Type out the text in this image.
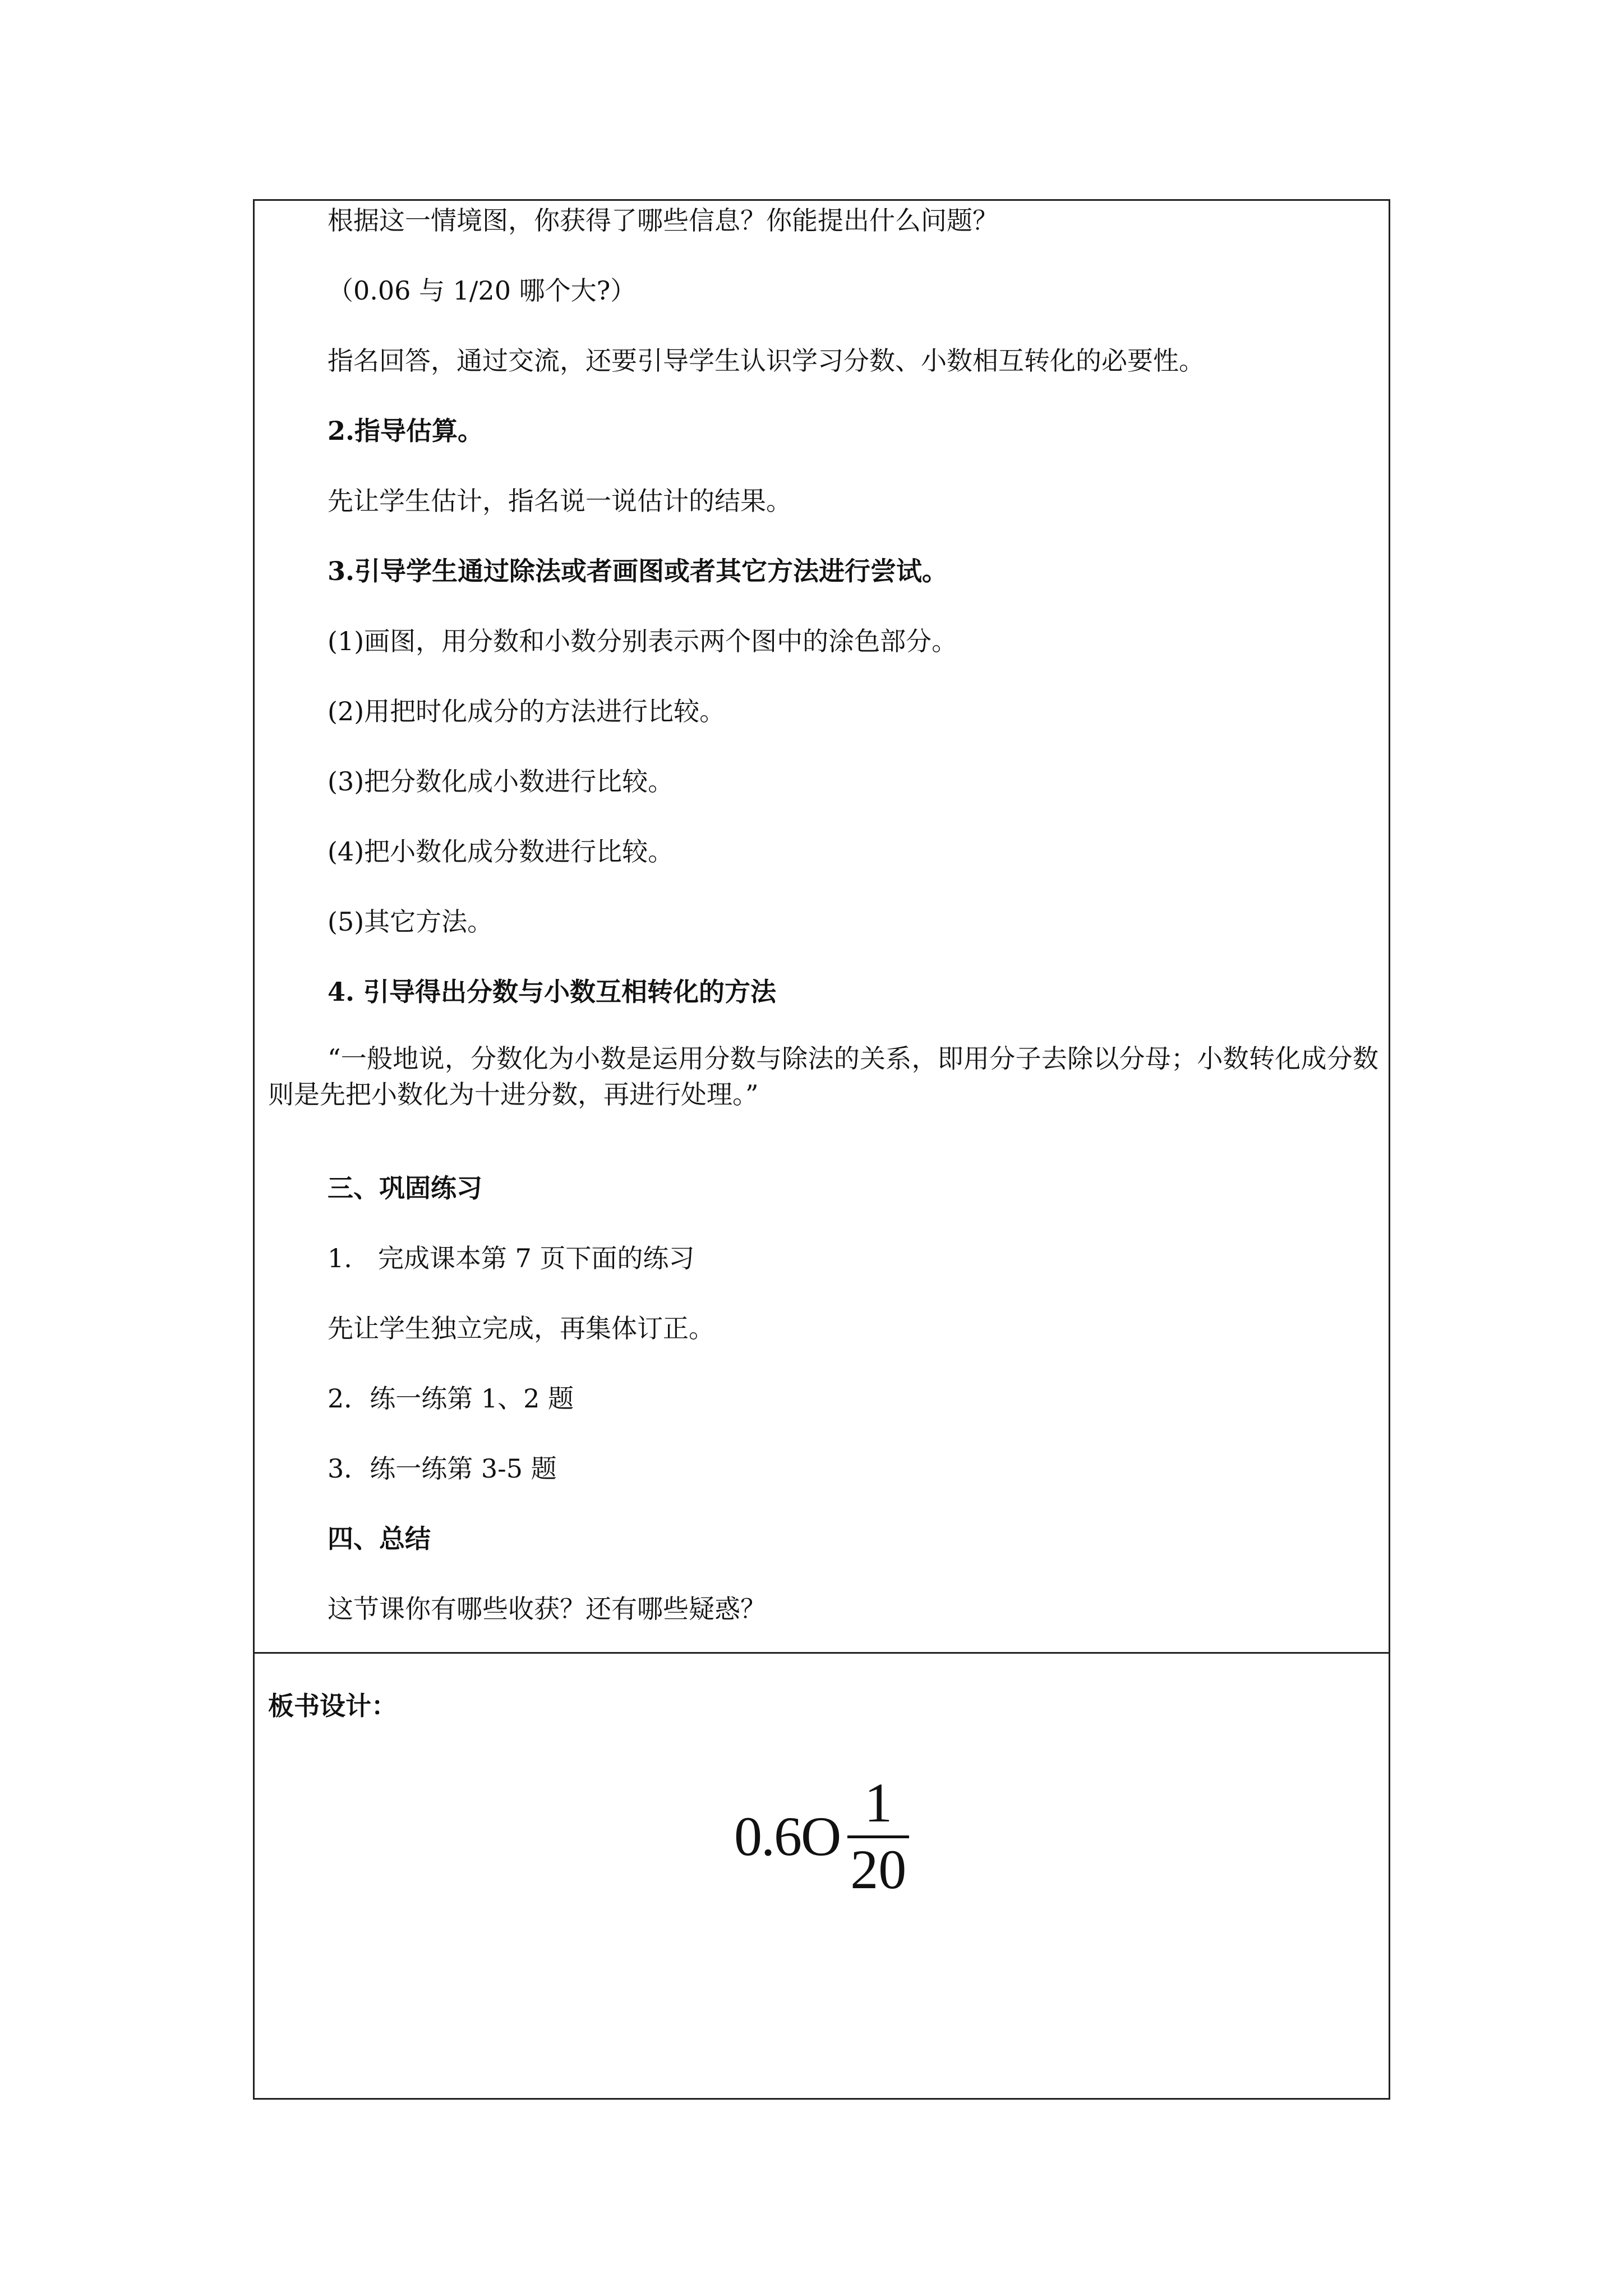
根据这一情境图，你获得了哪些信息？你能提出什么问题？
（0.06 与 1/20 哪个大?）
指名回答，通过交流，还要引导学生认识学习分数、小数相互转化的必要性。
2.指导估算。
先让学生估计，指名说一说估计的结果。
3.引导学生通过除法或者画图或者其它方法进行尝试。
(1)画图，用分数和小数分别表示两个图中的涂色部分。
(2)用把时化成分的方法进行比较。
(3)把分数化成小数进行比较。
(4)把小数化成分数进行比较。
(5)其它方法。
4. 引导得出分数与小数互相转化的方法
“一般地说，分数化为小数是运用分数与除法的关系，即用分子去除以分母；小数转化成分数则是先把小数化为十进分数，再进行处理。”
三、巩固练习
1.　完成课本第 7 页下面的练习
先让学生独立完成，再集体订正。
2．练一练第 1、2 题
3．练一练第 3-5 题
四、总结
这节课你有哪些收获？还有哪些疑惑？
板书设计：
0.6O
1
20
